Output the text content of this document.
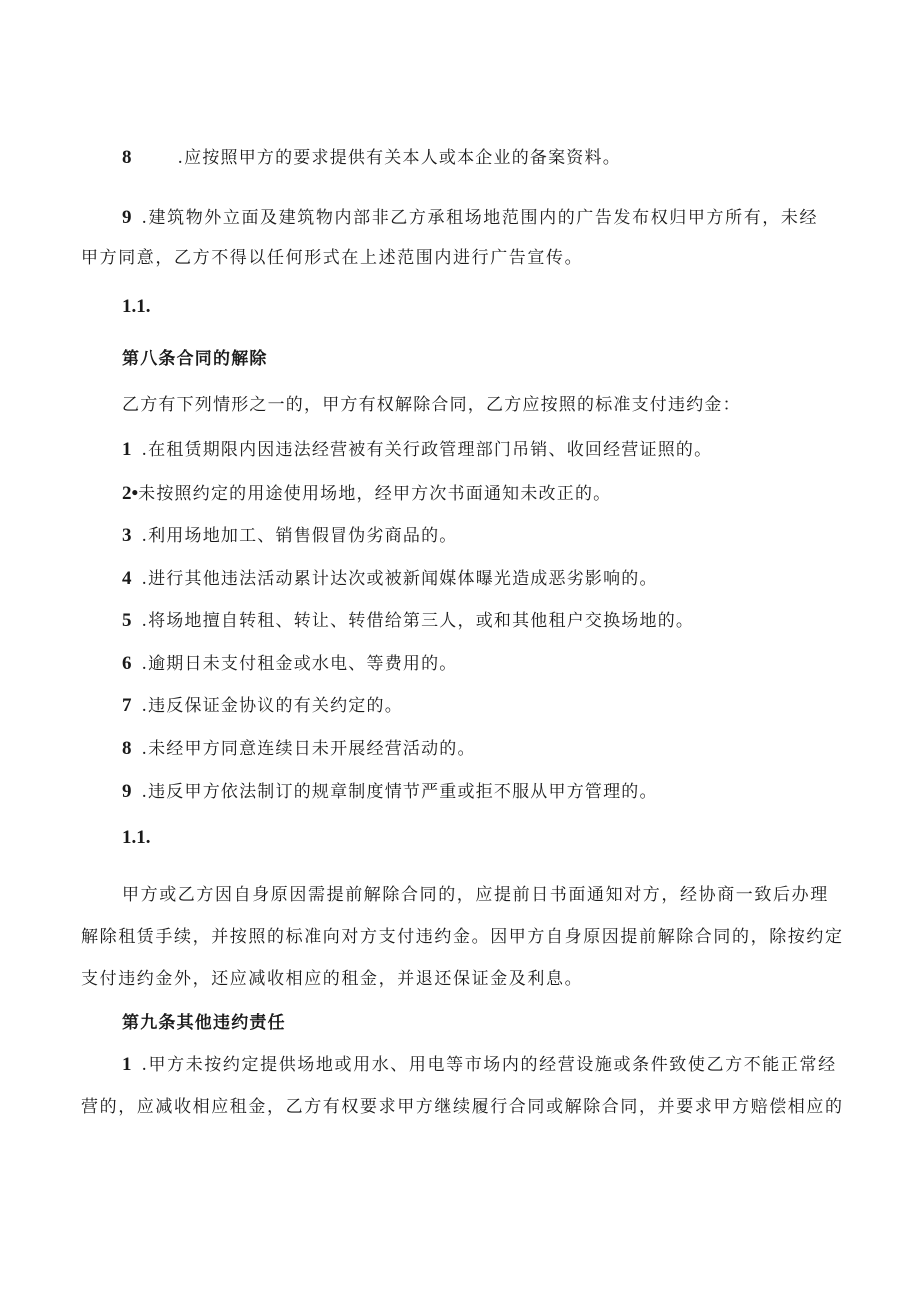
8	.应按照甲方的要求提供有关本人或本企业的备案资料。
9 .建筑物外立面及建筑物内部非乙方承租场地范围内的广告发布权归甲方所有，未经
甲方同意，乙方不得以任何形式在上述范围内进行广告宣传。
1.1.
第八条合同的解除
乙方有下列情形之一的，甲方有权解除合同，乙方应按照的标准支付违约金：
1 .在租赁期限内因违法经营被有关行政管理部门吊销、收回经营证照的。
2•未按照约定的用途使用场地，经甲方次书面通知未改正的。
3 .利用场地加工、销售假冒伪劣商品的。
4 .进行其他违法活动累计达次或被新闻媒体曝光造成恶劣影响的。
5 .将场地擅自转租、转让、转借给第三人，或和其他租户交换场地的。
6 .逾期日未支付租金或水电、等费用的。
7 .违反保证金协议的有关约定的。
8 .未经甲方同意连续日未开展经营活动的。
9 .违反甲方依法制订的规章制度情节严重或拒不服从甲方管理的。
1.1.
甲方或乙方因自身原因需提前解除合同的，应提前日书面通知对方，经协商一致后办理
解除租赁手续，并按照的标准向对方支付违约金。因甲方自身原因提前解除合同的，除按约定
支付违约金外，还应减收相应的租金，并退还保证金及利息。
第九条其他违约责任
1 .甲方未按约定提供场地或用水、用电等市场内的经营设施或条件致使乙方不能正常经
营的，应减收相应租金，乙方有权要求甲方继续履行合同或解除合同，并要求甲方赔偿相应的
